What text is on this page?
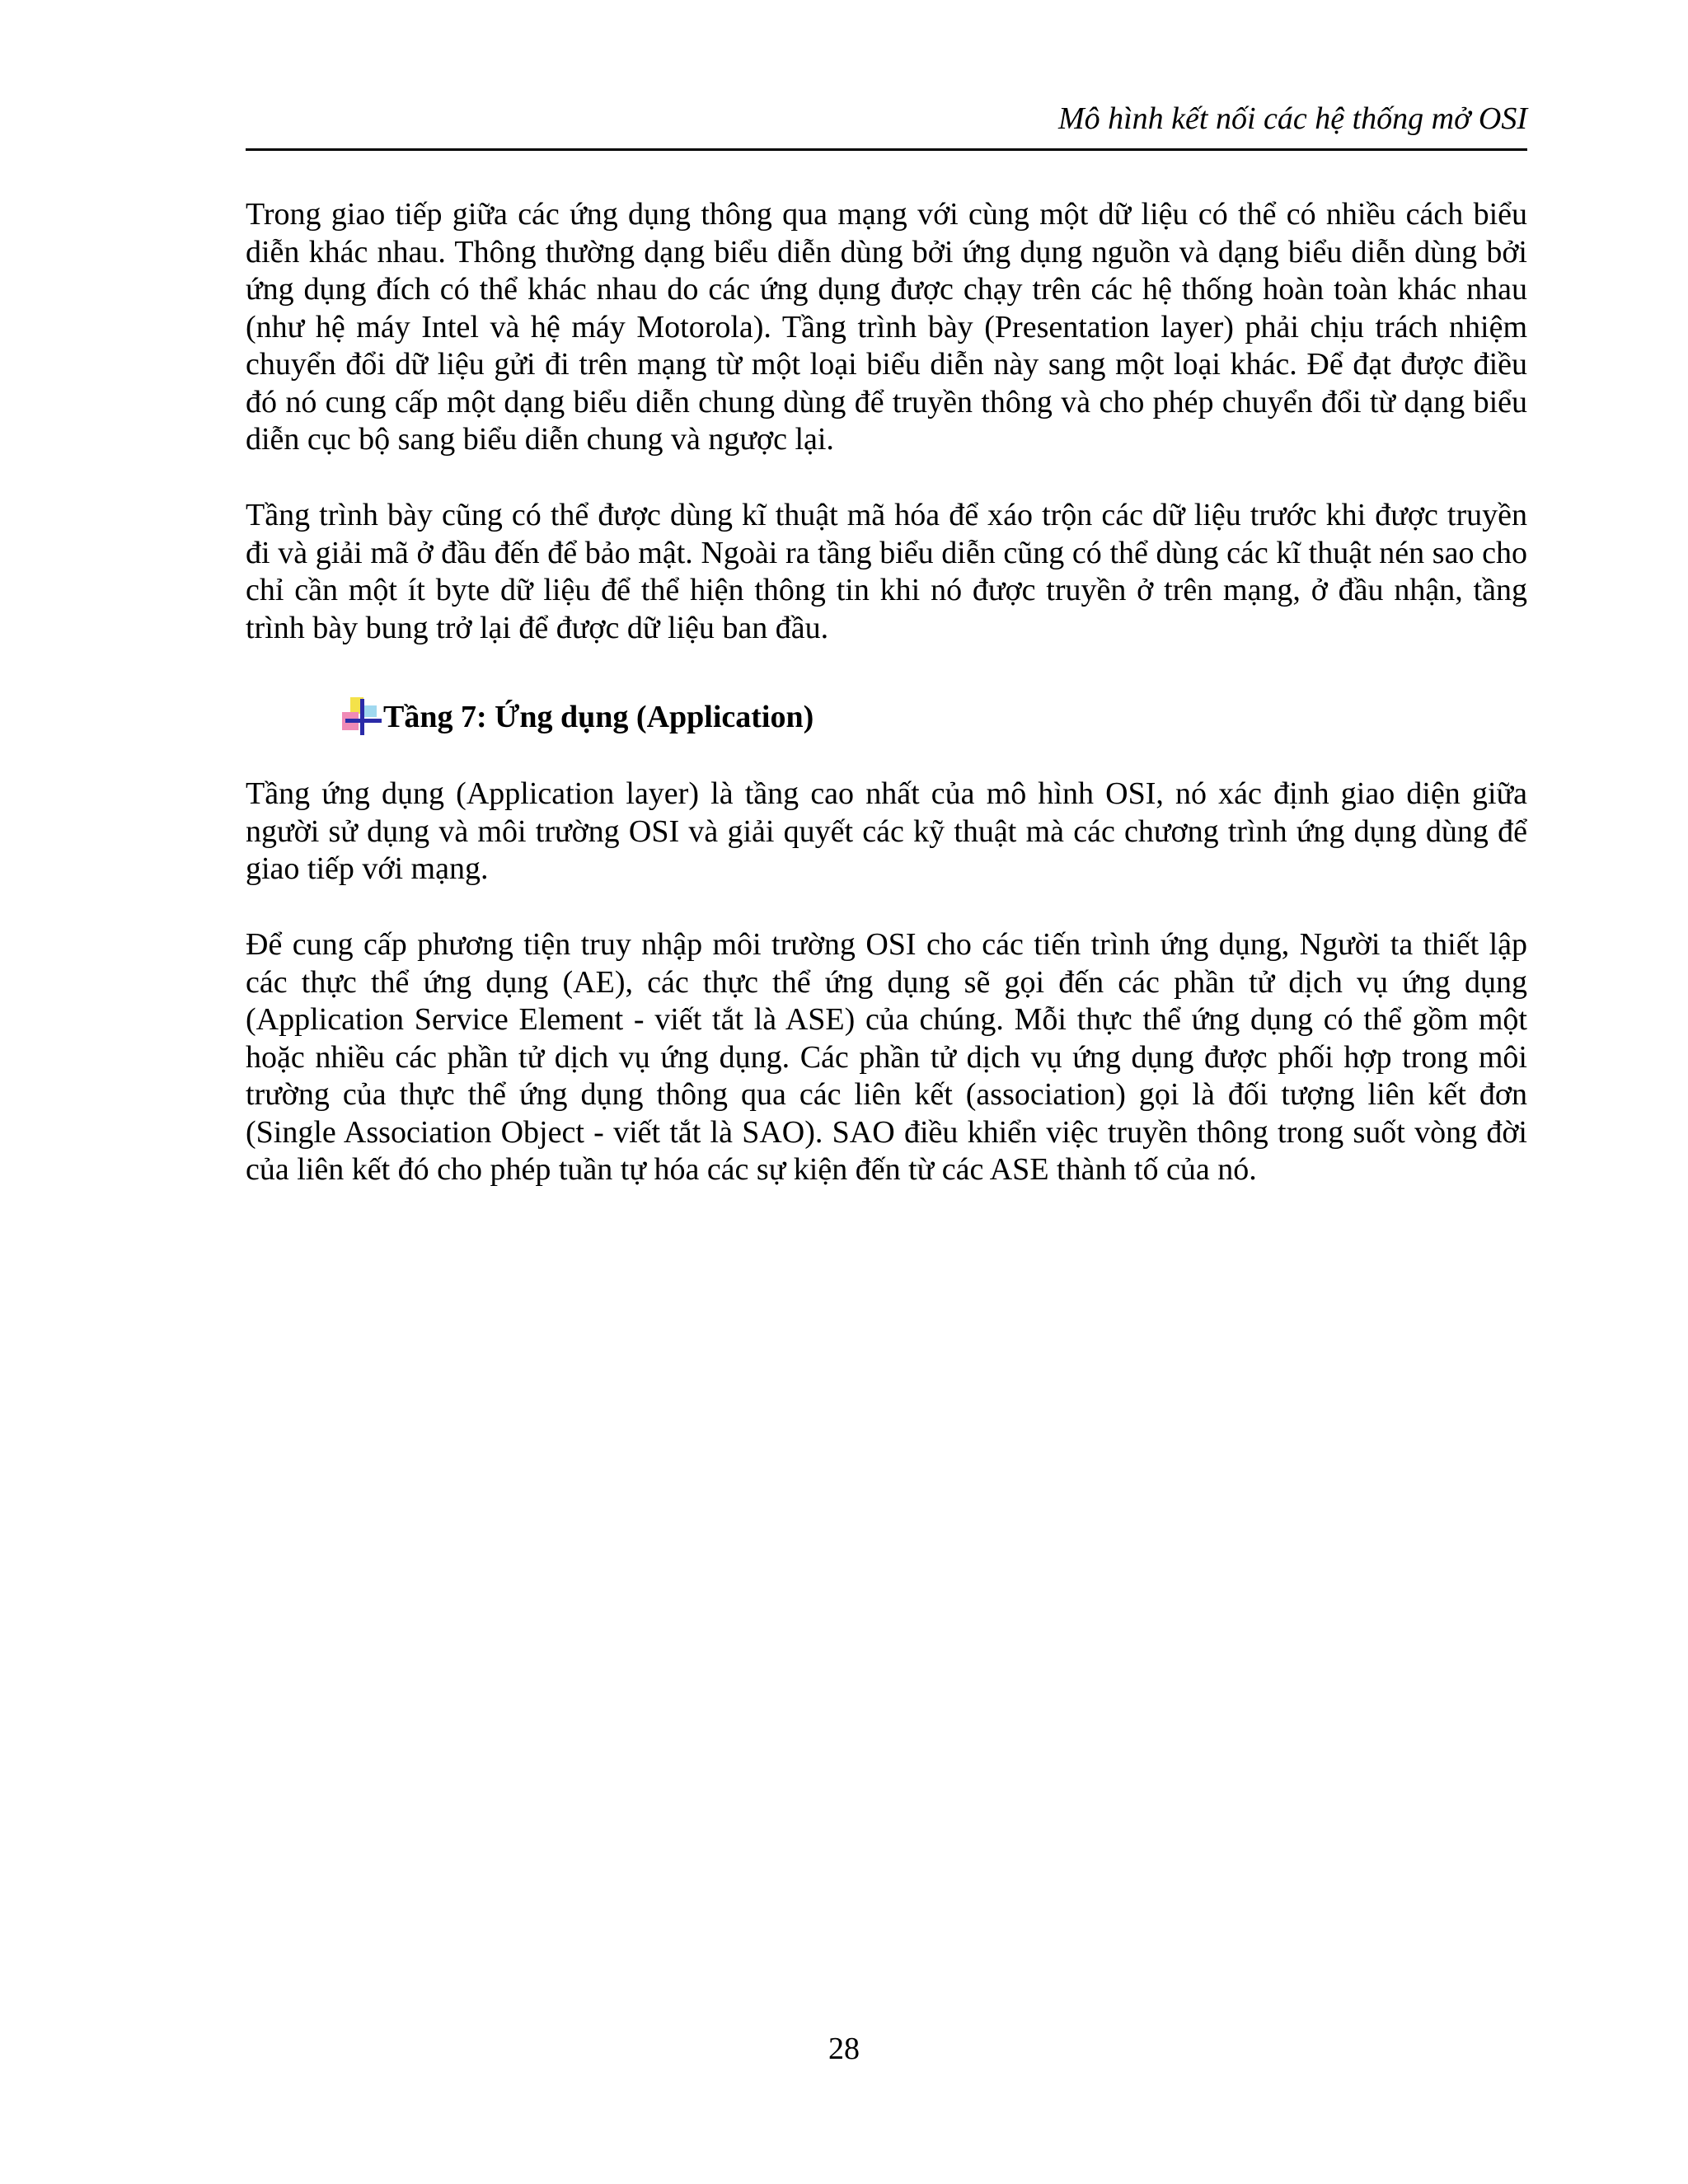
Mô hình kết nối các hệ thống mở OSI

Trong giao tiếp giữa các ứng dụng thông qua mạng với cùng một dữ liệu có thể có nhiều cách biểu diễn khác nhau. Thông thường dạng biểu diễn dùng bởi ứng dụng nguồn và dạng biểu diễn dùng bởi ứng dụng đích có thể khác nhau do các ứng dụng được chạy trên các hệ thống hoàn toàn khác nhau (như hệ máy Intel và hệ máy Motorola). Tầng trình bày (Presentation layer) phải chịu trách nhiệm chuyển đổi dữ liệu gửi đi trên mạng từ một loại biểu diễn này sang một loại khác. Để đạt được điều đó nó cung cấp một dạng biểu diễn chung dùng để truyền thông và cho phép chuyển đổi từ dạng biểu diễn cục bộ sang biểu diễn chung và ngược lại.

Tầng trình bày cũng có thể được dùng kĩ thuật mã hóa để xáo trộn các dữ liệu trước khi được truyền đi và giải mã ở đầu đến để bảo mật. Ngoài ra tầng biểu diễn cũng có thể dùng các kĩ thuật nén sao cho chỉ cần một ít byte dữ liệu để thể hiện thông tin khi nó được truyền ở trên mạng, ở đầu nhận, tầng trình bày bung trở lại để được dữ liệu ban đầu.

Tầng 7: Ứng dụng (Application)

Tầng ứng dụng (Application layer) là tầng cao nhất của mô hình OSI, nó xác định giao diện giữa người sử dụng và môi trường OSI và giải quyết các kỹ thuật mà các chương trình ứng dụng dùng để giao tiếp với mạng.

Để cung cấp phương tiện truy nhập môi trường OSI cho các tiến trình ứng dụng, Người ta thiết lập các thực thể ứng dụng (AE), các thực thể ứng dụng sẽ gọi đến các phần tử dịch vụ ứng dụng (Application Service Element - viết tắt là ASE) của chúng. Mỗi thực thể ứng dụng có thể gồm một hoặc nhiều các phần tử dịch vụ ứng dụng. Các phần tử dịch vụ ứng dụng được phối hợp trong môi trường của thực thể ứng dụng thông qua các liên kết (association) gọi là đối tượng liên kết đơn (Single Association Object - viết tắt là SAO). SAO điều khiển việc truyền thông trong suốt vòng đời của liên kết đó cho phép tuần tự hóa các sự kiện đến từ các ASE thành tố của nó.

28
